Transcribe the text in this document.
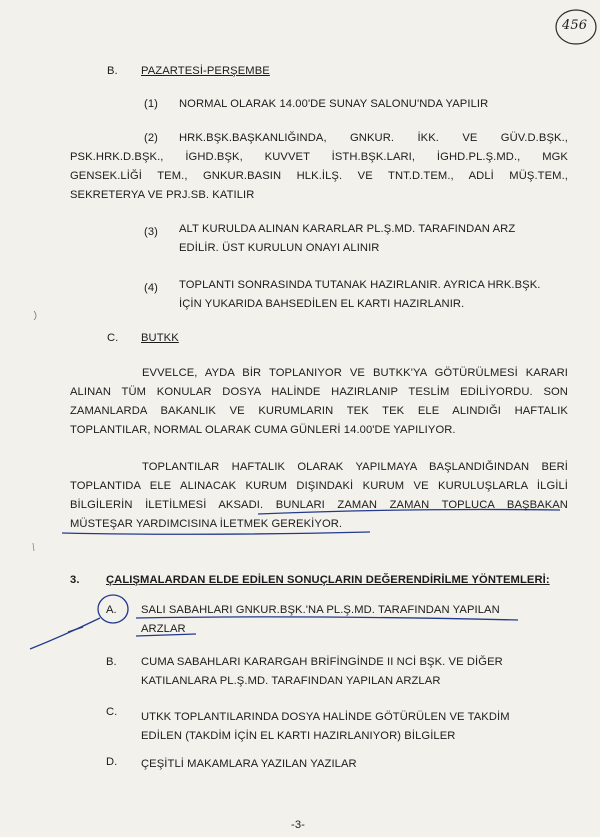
456
B. PAZARTESİ-PERŞEMBE
(1) NORMAL OLARAK 14.00'DE SUNAY SALONU'NDA YAPILIR
(2) HRK.BŞK.BAŞKANLIĞINDA, GNKUR. İKK. VE GÜV.D.BŞK.,
PSK.HRK.D.BŞK., İGHD.BŞK, KUVVET İSTH.BŞK.LARI, İGHD.PL.Ş.MD., MGK
GENSEK.LİĞİ TEM., GNKUR.BASIN HLK.İLŞ. VE TNT.D.TEM., ADLİ MÜŞ.TEM.,
SEKRETERYA VE PRJ.SB. KATILIR
(3) ALT KURULDA ALINAN KARARLAR PL.Ş.MD. TARAFINDAN ARZ
EDİLİR. ÜST KURULUN ONAYI ALINIR
(4) TOPLANTI SONRASINDA TUTANAK HAZIRLANIR. AYRICA HRK.BŞK.
İÇİN YUKARIDA BAHSEDİLEN EL KARTI HAZIRLANIR.
C. BUTKK
EVVELCE, AYDA BİR TOPLANIYOR VE BUTKK'YA GÖTÜRÜLMESİ KARARI
ALINAN TÜM KONULAR DOSYA HALİNDE HAZIRLANIP TESLİM EDİLİYORDU. SON
ZAMANLARDA BAKANLIK VE KURUMLARIN TEK TEK ELE ALINDIĞI HAFTALIK
TOPLANTILAR, NORMAL OLARAK CUMA GÜNLERİ 14.00'DE YAPILIYOR.
TOPLANTILAR HAFTALIK OLARAK YAPILMAYA BAŞLANDIĞINDAN BERİ
TOPLANTIDA ELE ALINACAK KURUM DIŞINDAKİ KURUM VE KURULUŞLARLA İLGİLİ
BİLGİLERİN İLETİLMESİ AKSADI. BUNLARI ZAMAN ZAMAN TOPLUCA BAŞBAKAN
MÜSTEŞAR YARDIMCISINA İLETMEK GEREKİYOR.
3. ÇALIŞMALARDAN ELDE EDİLEN SONUÇLARIN DEĞERENDİRİLME YÖNTEMLERİ:
A. SALI SABAHLARI GNKUR.BŞK.'NA PL.Ş.MD. TARAFINDAN YAPILAN
ARZLAR
B. CUMA SABAHLARI KARARGAH BRİFİNGİNDE II NCİ BŞK. VE DİĞER
KATILANLARA PL.Ş.MD. TARAFINDAN YAPILAN ARZLAR
C. UTKK TOPLANTILARINDA DOSYA HALİNDE GÖTÜRÜLEN VE TAKDİM
EDİLEN (TAKDİM İÇİN EL KARTI HAZIRLANIYOR) BİLGİLER
D. ÇEŞİTLİ MAKAMLARA YAZILAN YAZILAR
-3-
